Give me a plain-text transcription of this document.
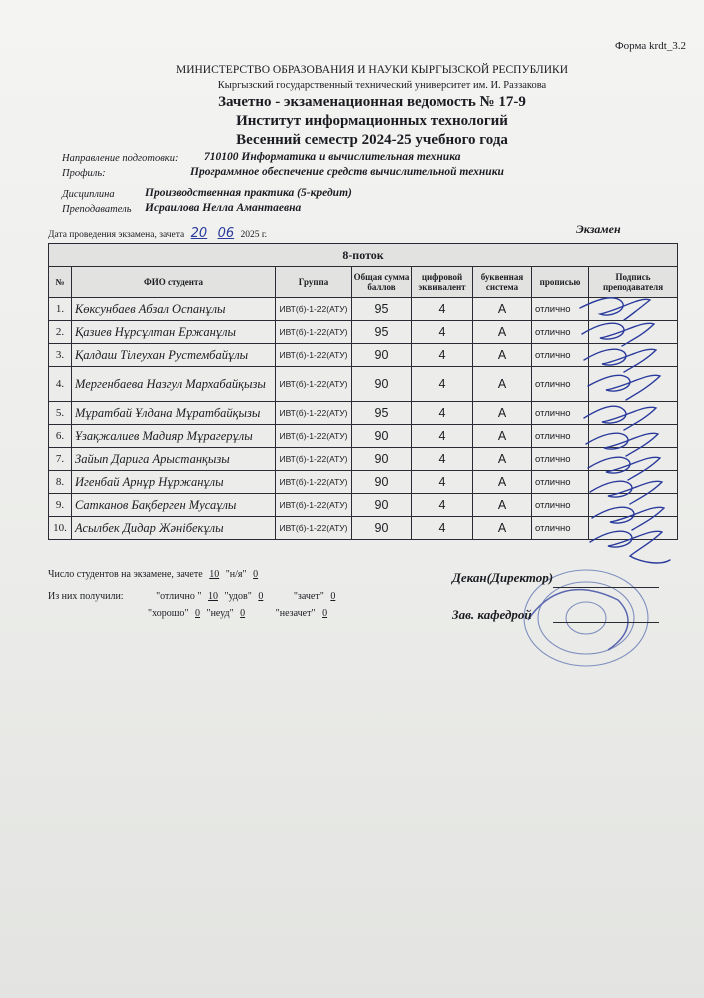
Форма krdt_3.2
МИНИСТЕРСТВО ОБРАЗОВАНИЯ И НАУКИ КЫРГЫЗСКОЙ РЕСПУБЛИКИ
Кыргызский государственный технический университет им. И. Раззакова
Зачетно - экзаменационная ведомость № 17-9
Институт информационных технологий
Весенний семестр 2024-25 учебного года
Направление подготовки: 710100 Информатика и вычислительная техника
Профиль:	Программное обеспечение средств вычислительной техники
Дисциплина	Производственная практика (5-кредит)
Преподаватель Исраилова Нелла Амантаевна
Дата проведения экзамена, зачета 20 06 2025 г.	Экзамен
8-поток							
№	ФИО студента	Группа	Общая сумма баллов	цифровой эквивалент	буквенная система	прописью	Подпись преподавателя
1.	Көксунбаев Абзал Оспанұлы	ИВТ(б)-1-22(АТУ)	95	4	A	отлично	
2.	Қазиев Нұрсұлтан Ержанұлы	ИВТ(б)-1-22(АТУ)	95	4	A	отлично	
3.	Қалдаш Тілеухан Рустембайұлы	ИВТ(б)-1-22(АТУ)	90	4	A	отлично	
4.	Мергенбаева Назгул Мархабайқызы	ИВТ(б)-1-22(АТУ)	90	4	A	отлично	
5.	Мұратбай Ұлдана Мұратбайқызы	ИВТ(б)-1-22(АТУ)	95	4	A	отлично	
6.	Ұзақжалиев Мадияр Мұрагерұлы	ИВТ(б)-1-22(АТУ)	90	4	A	отлично	
7.	Зайып Дарига Арыстанқызы	ИВТ(б)-1-22(АТУ)	90	4	A	отлично	
8.	Игенбай Арнұр Нұржанұлы	ИВТ(б)-1-22(АТУ)	90	4	A	отлично	
9.	Сатканов Бақберген Мусаұлы	ИВТ(б)-1-22(АТУ)	90	4	A	отлично	
10.	Асылбек Дидар Жәнібекұлы	ИВТ(б)-1-22(АТУ)	90	4	A	отлично	
Число студентов на экзамене, зачете 10 "н/я" 0
Из них получили:	"отлично " 10 "удов" 0	"зачет" 0
"хорошо" 0 "неуд" 0	"незачет" 0
Декан(Директор)
Зав. кафедрой
